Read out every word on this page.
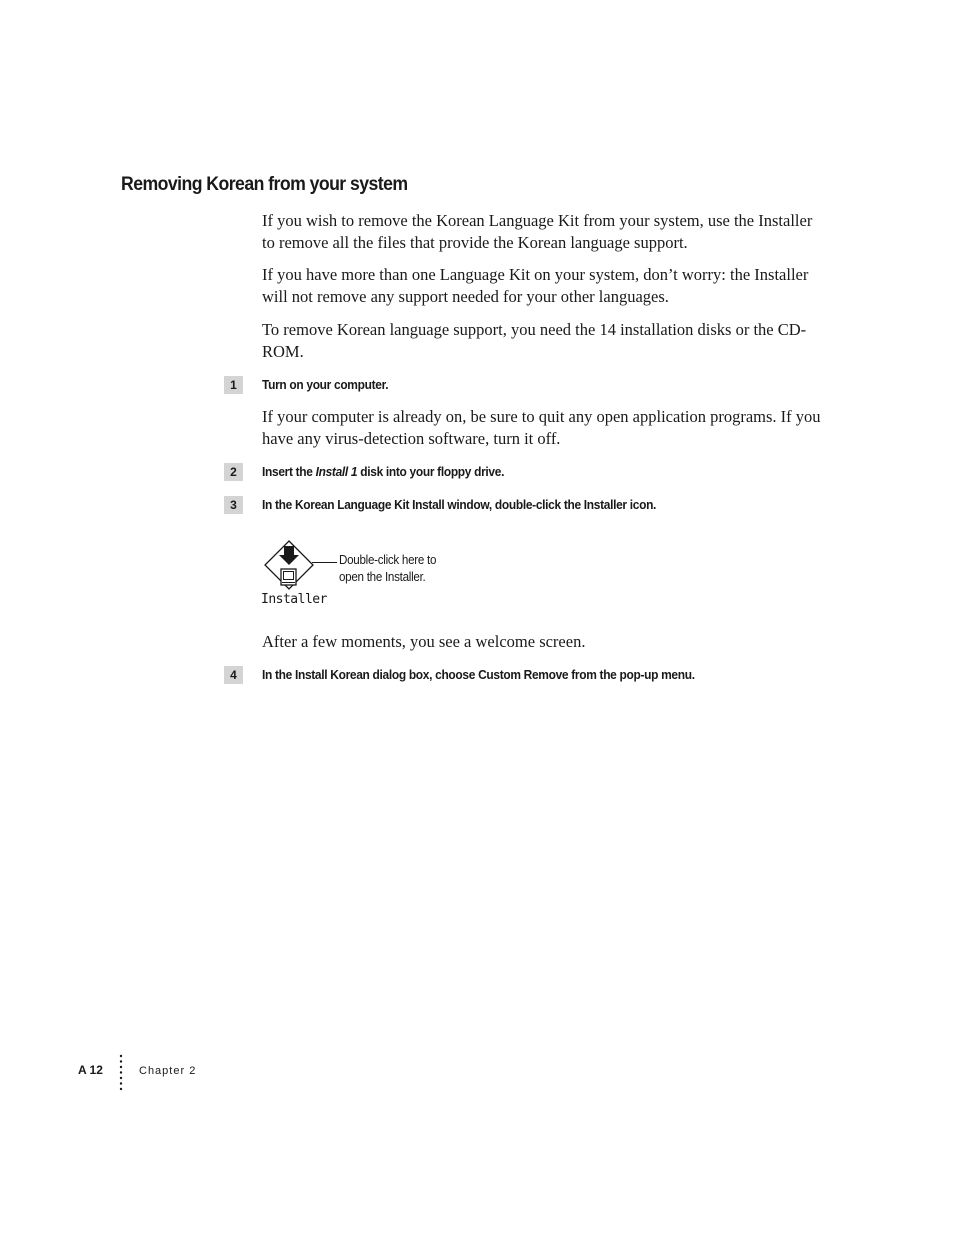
Removing Korean from your system

If you wish to remove the Korean Language Kit from your system, use the Installer to remove all the files that provide the Korean language support.

If you have more than one Language Kit on your system, don’t worry: the Installer will not remove any support needed for your other languages.

To remove Korean language support, you need the 14 installation disks or the CD-ROM.

1	Turn on your computer.

If your computer is already on, be sure to quit any open application programs. If you have any virus-detection software, turn it off.

2	Insert the Install 1 disk into your floppy drive.
3	In the Korean Language Kit Install window, double-click the Installer icon.
Installer
Double-click here to
open the Installer.

After a few moments, you see a welcome screen.

4	In the Install Korean dialog box, choose Custom Remove from the pop-up menu.
A 12	Chapter 2
